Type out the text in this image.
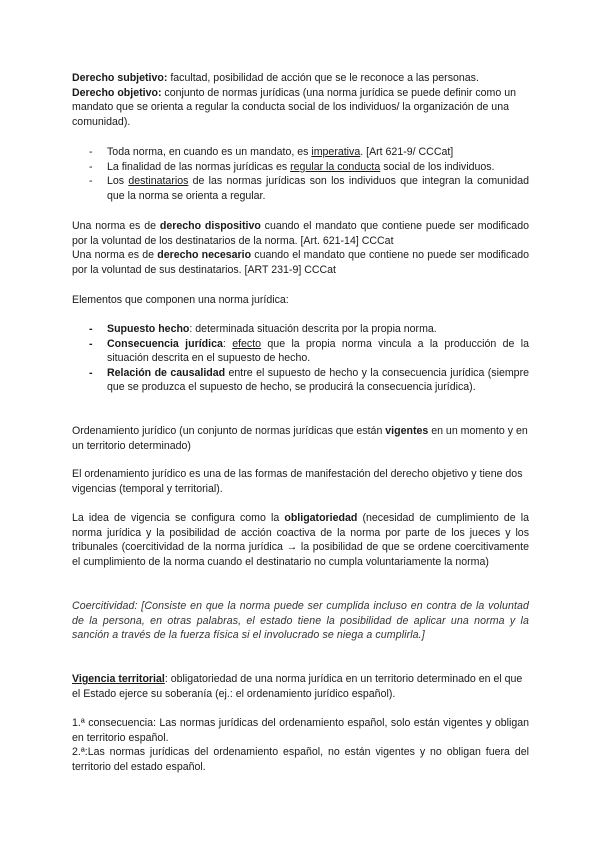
Derecho subjetivo: facultad, posibilidad de acción que se le reconoce a las personas.
Derecho objetivo: conjunto de normas jurídicas (una norma jurídica se puede definir como un mandato que se orienta a regular la conducta social de los individuos/ la organización de una comunidad).

- Toda norma, en cuando es un mandato, es imperativa. [Art 621-9/ CCCat]
- La finalidad de las normas jurídicas es regular la conducta social de los individuos.
- Los destinatarios de las normas jurídicas son los individuos que integran la comunidad que la norma se orienta a regular.

Una norma es de derecho dispositivo cuando el mandato que contiene puede ser modificado por la voluntad de los destinatarios de la norma. [Art. 621-14] CCCat
Una norma es de derecho necesario cuando el mandato que contiene no puede ser modificado por la voluntad de sus destinatarios. [ART 231-9] CCCat

Elementos que componen una norma jurídica:

- Supuesto hecho: determinada situación descrita por la propia norma.
- Consecuencia jurídica: efecto que la propia norma vincula a la producción de la situación descrita en el supuesto de hecho.
- Relación de causalidad entre el supuesto de hecho y la consecuencia jurídica (siempre que se produzca el supuesto de hecho, se producirá la consecuencia jurídica).

Ordenamiento jurídico (un conjunto de normas jurídicas que están vigentes en un momento y en un territorio determinado)

El ordenamiento jurídico es una de las formas de manifestación del derecho objetivo y tiene dos vigencias (temporal y territorial).

La idea de vigencia se configura como la obligatoriedad (necesidad de cumplimiento de la norma jurídica y la posibilidad de acción coactiva de la norma por parte de los jueces y los tribunales (coercitividad de la norma jurídica → la posibilidad de que se ordene coercitivamente el cumplimiento de la norma cuando el destinatario no cumpla voluntariamente la norma)

Coercitividad: [Consiste en que la norma puede ser cumplida incluso en contra de la voluntad de la persona, en otras palabras, el estado tiene la posibilidad de aplicar una norma y la sanción a través de la fuerza física si el involucrado se niega a cumplirla.]

Vigencia territorial: obligatoriedad de una norma jurídica en un territorio determinado en el que el Estado ejerce su soberanía (ej.: el ordenamiento jurídico español).

1.ª consecuencia: Las normas jurídicas del ordenamiento español, solo están vigentes y obligan en territorio español.
2.ª:Las normas jurídicas del ordenamiento español, no están vigentes y no obligan fuera del territorio del estado español.
